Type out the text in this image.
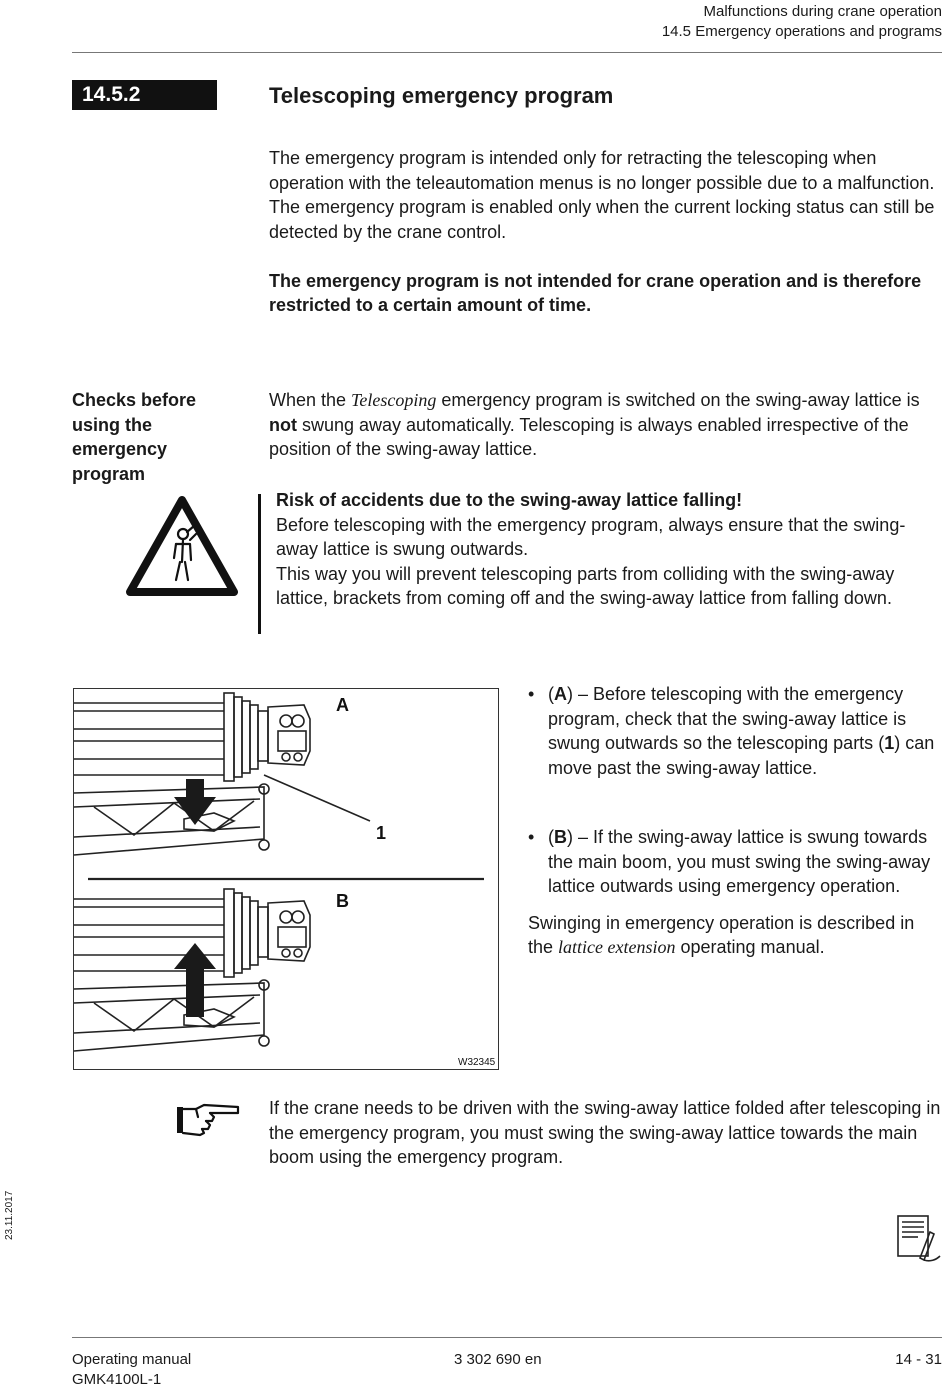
Malfunctions during crane operation
14.5 Emergency operations and programs
14.5.2	Telescoping emergency program

The emergency program is intended only for retracting the telescoping when operation with the teleautomation menus is no longer possible due to a malfunction.

The emergency program is enabled only when the current locking status can still be detected by the crane control.

The emergency program is not intended for crane operation and is therefore restricted to a certain amount of time.

Checks before using the emergency program
When the Telescoping emergency program is switched on the swing-away lattice is not swung away automatically. Telescoping is always enabled irrespective of the position of the swing-away lattice.

Risk of accidents due to the swing-away lattice falling!

Before telescoping with the emergency program, always ensure that the swing-away lattice is swung outwards.

This way you will prevent telescoping parts from colliding with the swing-away lattice, brackets from coming off and the swing-away lattice from falling down.

A
1
B
W32345
• (A) – Before telescoping with the emergency program, check that the swing-away lattice is swung outwards so the telescoping parts (1) can move past the swing-away lattice.
• (B) – If the swing-away lattice is swung towards the main boom, you must swing the swing-away lattice outwards using emergency operation.
Swinging in emergency operation is described in the lattice extension operating manual.
If the crane needs to be driven with the swing-away lattice folded after telescoping in the emergency program, you must swing the swing-away lattice towards the main boom using the emergency program.
23.11.2017
Operating manual
GMK4100L-1
3 302 690 en	14 - 31
